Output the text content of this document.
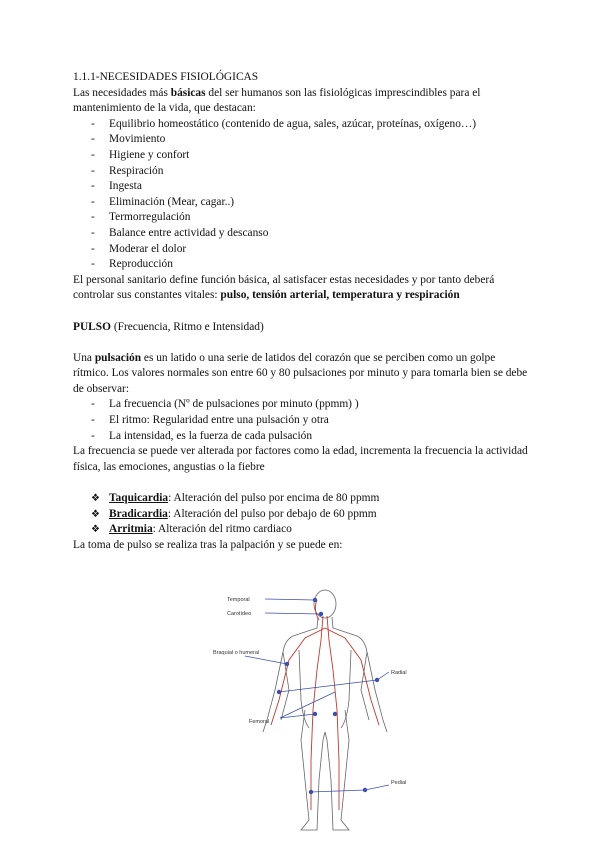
1.1.1-NECESIDADES FISIOLÓGICAS

Las necesidades más básicas del ser humanos son las fisiológicas imprescindibles para el mantenimiento de la vida, que destacan:

- Equilibrio homeostático (contenido de agua, sales, azúcar, proteínas, oxígeno…)
- Movimiento
- Higiene y confort
- Respiración
- Ingesta
- Eliminación (Mear, cagar..)
- Termorregulación
- Balance entre actividad y descanso
- Moderar el dolor
- Reproducción

El personal sanitario define función básica, al satisfacer estas necesidades y por tanto deberá controlar sus constantes vitales: pulso, tensión arterial, temperatura y respiración

PULSO (Frecuencia, Ritmo e Intensidad)

Una pulsación es un latido o una serie de latidos del corazón que se perciben como un golpe rítmico. Los valores normales son entre 60 y 80 pulsaciones por minuto y para tomarla bien se debe de observar:

- La frecuencia (Nº de pulsaciones por minuto (ppmm) )
- El ritmo: Regularidad entre una pulsación y otra
- La intensidad, es la fuerza de cada pulsación

La frecuencia se puede ver alterada por factores como la edad, incrementa la frecuencia la actividad física, las emociones, angustias o la fiebre

❖ Taquicardia: Alteración del pulso por encima de 80 ppmm
❖ Bradicardia: Alteración del pulso por debajo de 60 ppmm
❖ Arritmia: Alteración del ritmo cardiaco

La toma de pulso se realiza tras la palpación y se puede en:

Temporal
Carotídeo
Braquial o humeral
Radial
Femoral
Pedial
